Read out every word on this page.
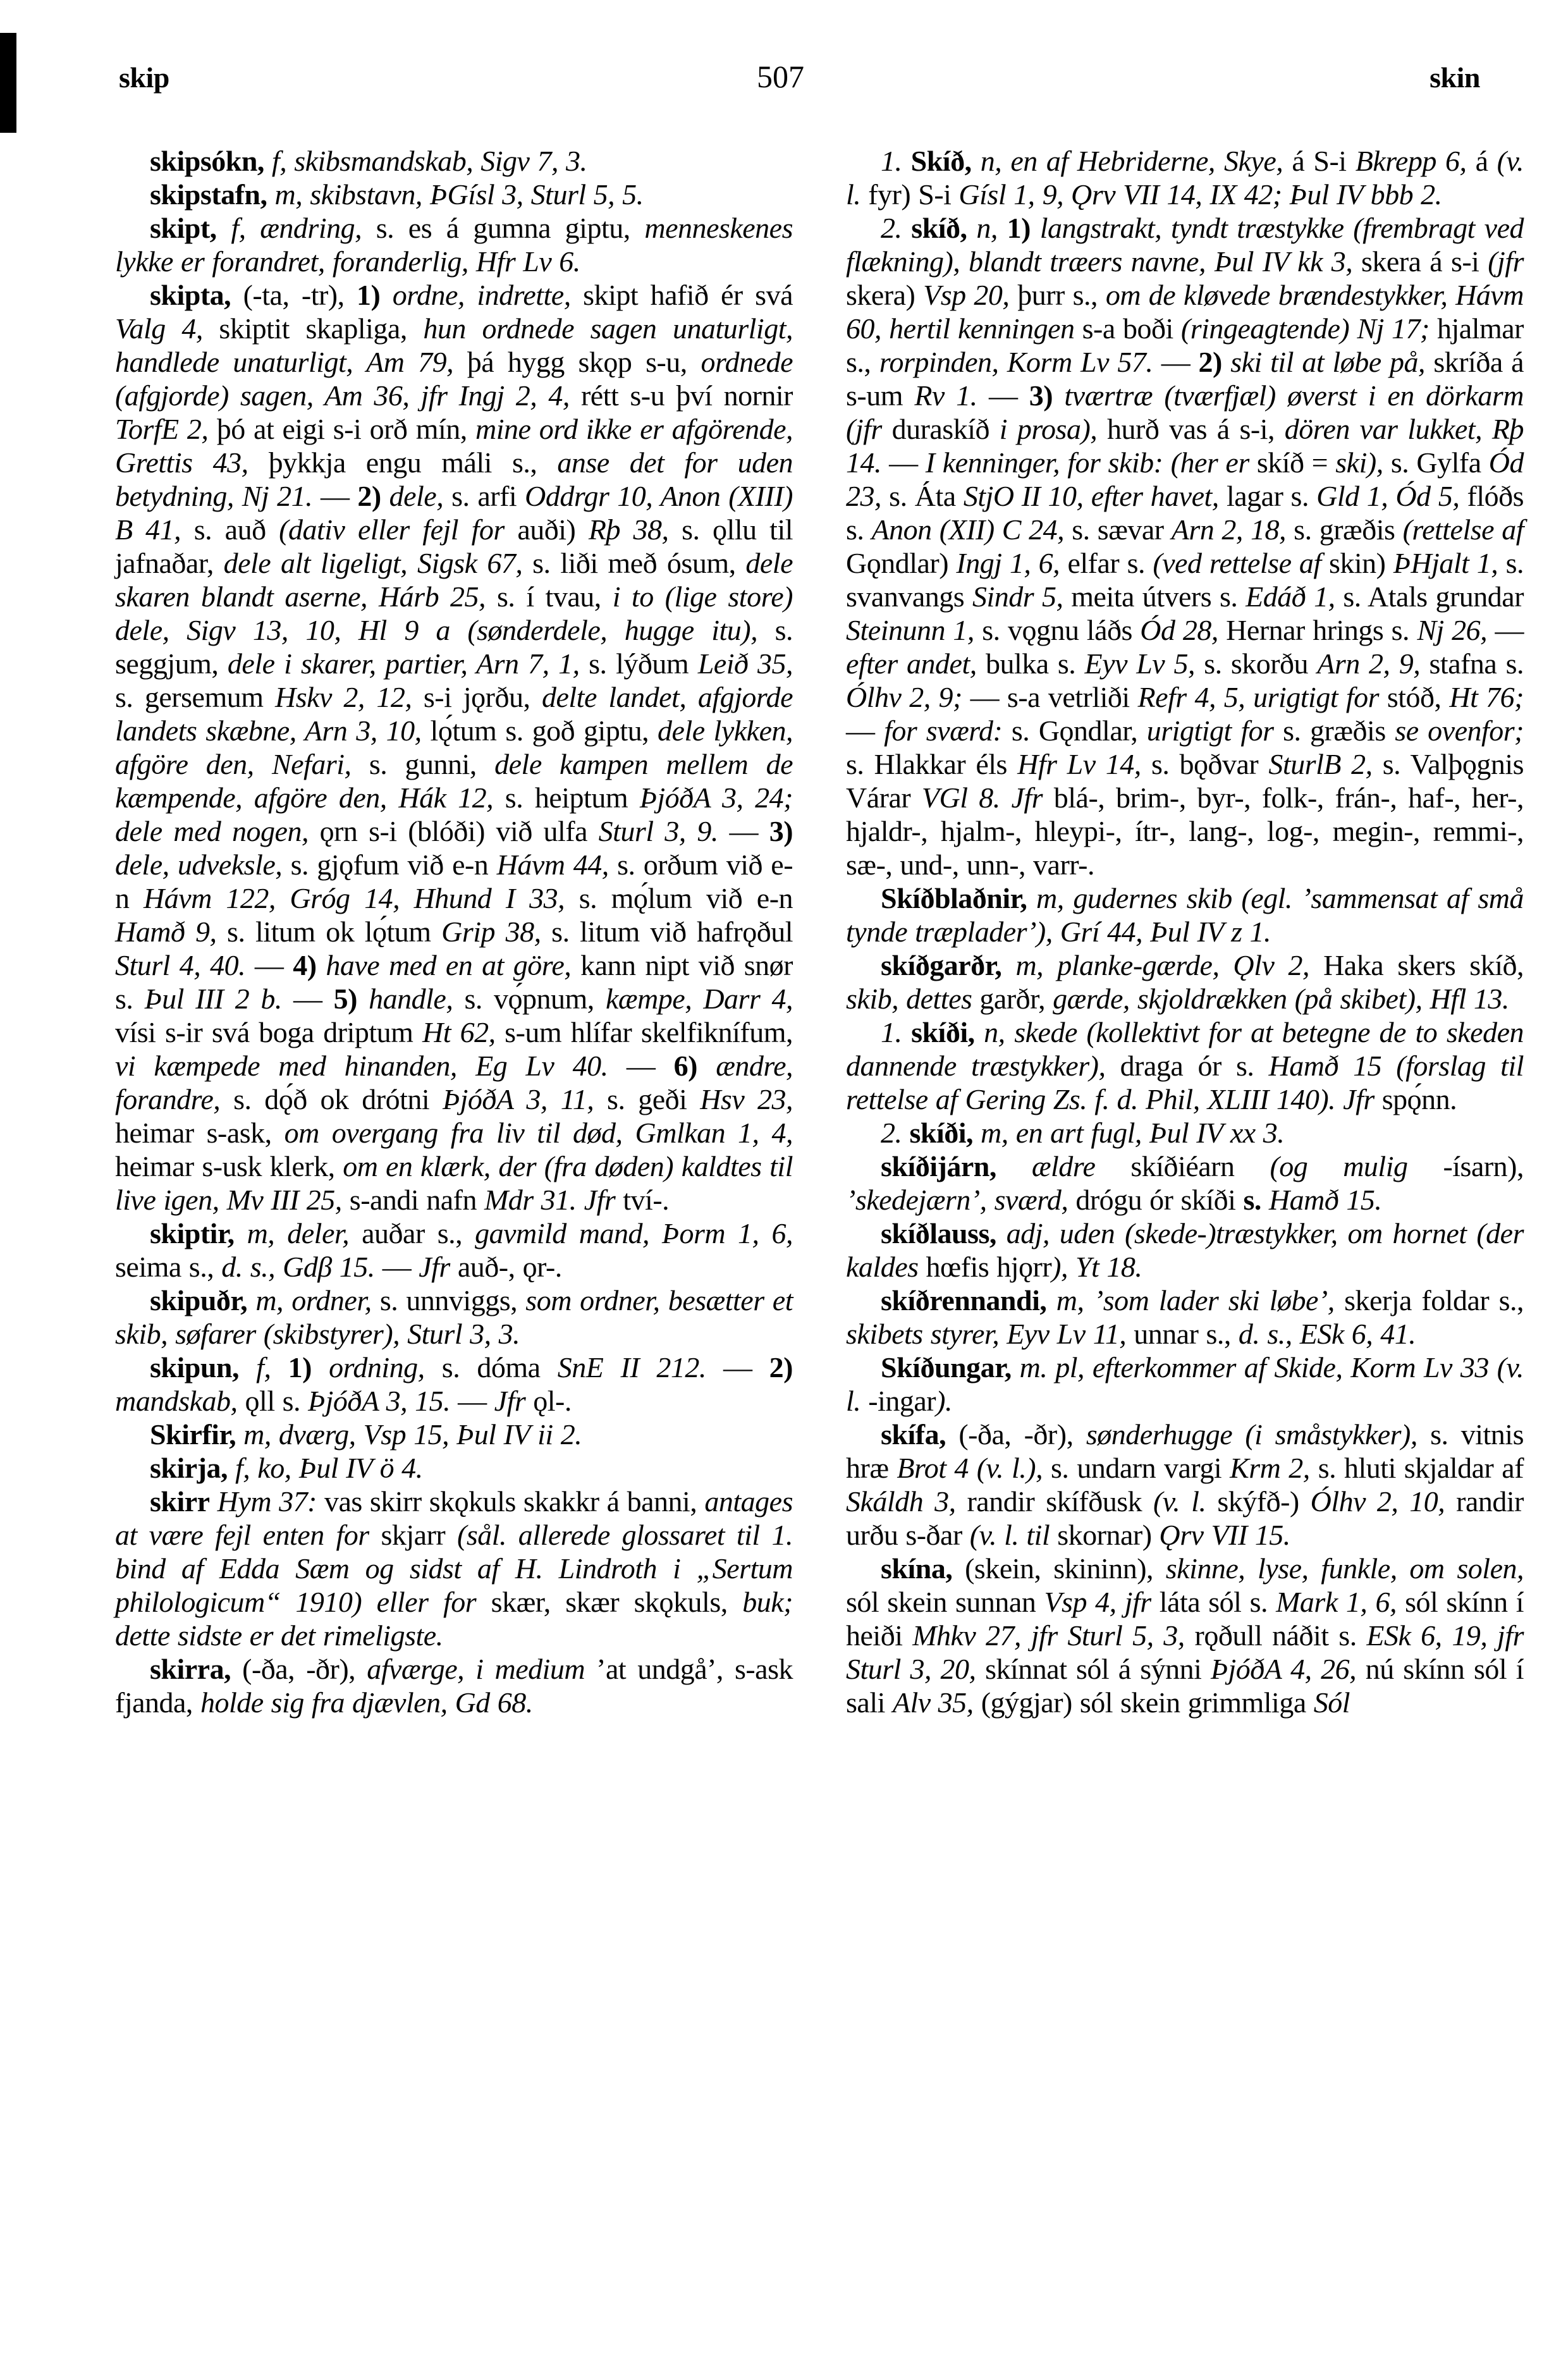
skip	507	skin

skipsókn, f, skibsmandskab, Sigv 7, 3.

skipstafn, m, skibstavn, ÞGísl 3, Sturl 5, 5.

skipt, f, ændring, s. es á gumna giptu, menneskenes lykke er forandret, foranderlig, Hfr Lv 6.

skipta, (-ta, -tr), 1) ordne, indrette, skipt hafið ér svá Valg 4, skiptit skapliga, hun ordnede sagen unaturligt, handlede unaturligt, Am 79, þá hygg skǫp s-u, ordnede (afgjorde) sagen, Am 36, jfr Ingj 2, 4, rétt s-u því nornir TorfE 2, þó at eigi s-i orð mín, mine ord ikke er afgörende, Grettis 43, þykkja engu máli s., anse det for uden betydning, Nj 21. — 2) dele, s. arfi Oddrgr 10, Anon (XIII) B 41, s. auð (dativ eller fejl for auði) Rþ 38, s. ǫllu til jafnaðar, dele alt ligeligt, Sigsk 67, s. liði með ósum, dele skaren blandt aserne, Hárb 25, s. í tvau, i to (lige store) dele, Sigv 13, 10, Hl 9 a (sønderdele, hugge itu), s. seggjum, dele i skarer, partier, Arn 7, 1, s. lýðum Leið 35, s. gersemum Hskv 2, 12, s-i jǫrðu, delte landet, afgjorde landets skæbne, Arn 3, 10, lǫ́tum s. goð giptu, dele lykken, afgöre den, Nefari, s. gunni, dele kampen mellem de kæmpende, afgöre den, Hák 12, s. heiptum ÞjóðA 3, 24; dele med nogen, ǫrn s-i (blóði) við ulfa Sturl 3, 9. — 3) dele, udveksle, s. gjǫfum við e-n Hávm 44, s. orðum við e-n Hávm 122, Gróg 14, Hhund I 33, s. mǫ́lum við e-n Hamð 9, s. litum ok lǫ́tum Grip 38, s. litum við hafrǫðul Sturl 4, 40. — 4) have med en at göre, kann nipt við snør s. Þul III 2 b. — 5) handle, s. vǫ́pnum, kæmpe, Darr 4, vísi s-ir svá boga driptum Ht 62, s-um hlífar skelfiknífum, vi kæmpede med hinanden, Eg Lv 40. — 6) ændre, forandre, s. dǫ́ð ok drótni ÞjóðA 3, 11, s. geði Hsv 23, heimar s-ask, om overgang fra liv til død, Gmlkan 1, 4, heimar s-usk klerk, om en klærk, der (fra døden) kaldtes til live igen, Mv III 25, s-andi nafn Mdr 31. Jfr tví-.

skiptir, m, deler, auðar s., gavmild mand, Þorm 1, 6, seima s., d. s., Gdβ 15. — Jfr auð-, ǫr-.

skipuðr, m, ordner, s. unnviggs, som ordner, besætter et skib, søfarer (skibstyrer), Sturl 3, 3.

skipun, f, 1) ordning, s. dóma SnE II 212. — 2) mandskab, ǫll s. ÞjóðA 3, 15. — Jfr ǫl-.

Skirfir, m, dværg, Vsp 15, Þul IV ii 2.

skirja, f, ko, Þul IV ö 4.

skirr Hym 37: vas skirr skǫkuls skakkr á banni, antages at være fejl enten for skjarr (sål. allerede glossaret til 1. bind af Edda Sæm og sidst af H. Lindroth i „Sertum philologicum“ 1910) eller for skær, skær skǫkuls, buk; dette sidste er det rimeligste.

skirra, (-ða, -ðr), afværge, i medium ʼat undgåʼ, s-ask fjanda, holde sig fra djævlen, Gd 68.

1. Skíð, n, en af Hebriderne, Skye, á S-i Bkrepp 6, á (v. l. fyr) S-i Gísl 1, 9, Ǫrv VII 14, IX 42; Þul IV bbb 2.

2. skíð, n, 1) langstrakt, tyndt træstykke (frembragt ved flækning), blandt træers navne, Þul IV kk 3, skera á s-i (jfr skera) Vsp 20, þurr s., om de kløvede brændestykker, Hávm 60, hertil kenningen s-a boði (ringeagtende) Nj 17; hjalmar s., rorpinden, Korm Lv 57. — 2) ski til at løbe på, skríða á s-um Rv 1. — 3) tværtræ (tværfjæl) øverst i en dörkarm (jfr duraskíð i prosa), hurð vas á s-i, dören var lukket, Rþ 14. — I kenninger, for skib: (her er skíð = ski), s. Gylfa Ód 23, s. Áta StjO II 10, efter havet, lagar s. Gld 1, Ód 5, flóðs s. Anon (XII) C 24, s. sævar Arn 2, 18, s. græðis (rettelse af Gǫndlar) Ingj 1, 6, elfar s. (ved rettelse af skin) ÞHjalt 1, s. svanvangs Sindr 5, meita útvers s. Edáð 1, s. Atals grundar Steinunn 1, s. vǫgnu láðs Ód 28, Hernar hrings s. Nj 26, — efter andet, bulka s. Eyv Lv 5, s. skorðu Arn 2, 9, stafna s. Ólhv 2, 9; — s-a vetrliði Refr 4, 5, urigtigt for stóð, Ht 76; — for sværd: s. Gǫndlar, urigtigt for s. græðis se ovenfor; s. Hlakkar éls Hfr Lv 14, s. bǫðvar SturlB 2, s. Valþǫgnis Várar VGl 8. Jfr blá-, brim-, byr-, folk-, frán-, haf-, her-, hjaldr-, hjalm-, hleypi-, ítr-, lang-, log-, megin-, remmi-, sæ-, und-, unn-, varr-.

Skíðblaðnir, m, gudernes skib (egl. ʼsammensat af små tynde træpladerʼ), Grí 44, Þul IV z 1.

skíðgarðr, m, planke-gærde, Ǫlv 2, Haka skers skíð, skib, dettes garðr, gærde, skjoldrækken (på skibet), Hfl 13.

1. skíði, n, skede (kollektivt for at betegne de to skeden dannende træstykker), draga ór s. Hamð 15 (forslag til rettelse af Gering Zs. f. d. Phil, XLIII 140). Jfr spǫ́nn.

2. skíði, m, en art fugl, Þul IV xx 3.

skíðijárn, ældre skíðiéarn (og mulig -ísarn), ʼskedejærnʼ, sværd, drógu ór skíði s. Hamð 15.

skíðlauss, adj, uden (skede-)træstykker, om hornet (der kaldes hœfis hjǫrr), Yt 18.

skíðrennandi, m, ʼsom lader ski løbeʼ, skerja foldar s., skibets styrer, Eyv Lv 11, unnar s., d. s., ESk 6, 41.

Skíðungar, m. pl, efterkommer af Skide, Korm Lv 33 (v. l. -ingar).

skífa, (-ða, -ðr), sønderhugge (i småstykker), s. vitnis hræ Brot 4 (v. l.), s. undarn vargi Krm 2, s. hluti skjaldar af Skáldh 3, randir skífðusk (v. l. skýfð-) Ólhv 2, 10, randir urðu s-ðar (v. l. til skornar) Ǫrv VII 15.

skína, (skein, skininn), skinne, lyse, funkle, om solen, sól skein sunnan Vsp 4, jfr láta sól s. Mark 1, 6, sól skínn í heiði Mhkv 27, jfr Sturl 5, 3, rǫðull náðit s. ESk 6, 19, jfr Sturl 3, 20, skínnat sól á sýnni ÞjóðA 4, 26, nú skínn sól í sali Alv 35, (gýgjar) sól skein grimmliga Sól
